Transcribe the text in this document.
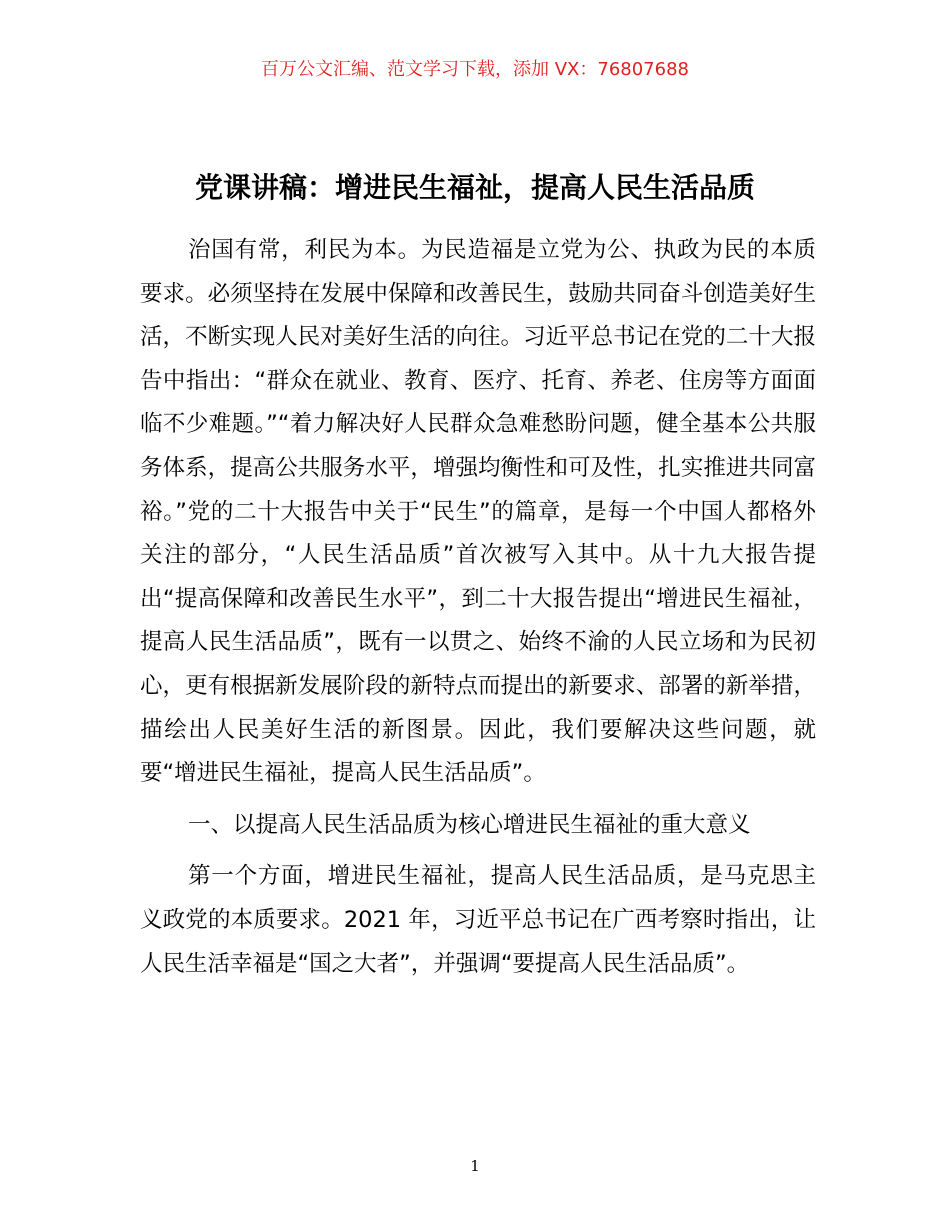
百万公文汇编、范文学习下载，添加 VX：76807688
党课讲稿：增进民生福祉，提高人民生活品质

治国有常，利民为本。为民造福是立党为公、执政为民的本质要求。必须坚持在发展中保障和改善民生，鼓励共同奋斗创造美好生活，不断实现人民对美好生活的向往。习近平总书记在党的二十大报告中指出：“群众在就业、教育、医疗、托育、养老、住房等方面面临不少难题。”“着力解决好人民群众急难愁盼问题，健全基本公共服务体系，提高公共服务水平，增强均衡性和可及性，扎实推进共同富裕。”党的二十大报告中关于“民生”的篇章，是每一个中国人都格外关注的部分，“人民生活品质”首次被写入其中。从十九大报告提出“提高保障和改善民生水平”，到二十大报告提出“增进民生福祉，提高人民生活品质”，既有一以贯之、始终不渝的人民立场和为民初心，更有根据新发展阶段的新特点而提出的新要求、部署的新举措，描绘出人民美好生活的新图景。因此，我们要解决这些问题，就要“增进民生福祉，提高人民生活品质”。

一、以提高人民生活品质为核心增进民生福祉的重大意义

第一个方面，增进民生福祉，提高人民生活品质，是马克思主义政党的本质要求。2021 年，习近平总书记在广西考察时指出，让人民生活幸福是“国之大者”，并强调“要提高人民生活品质”。

1
